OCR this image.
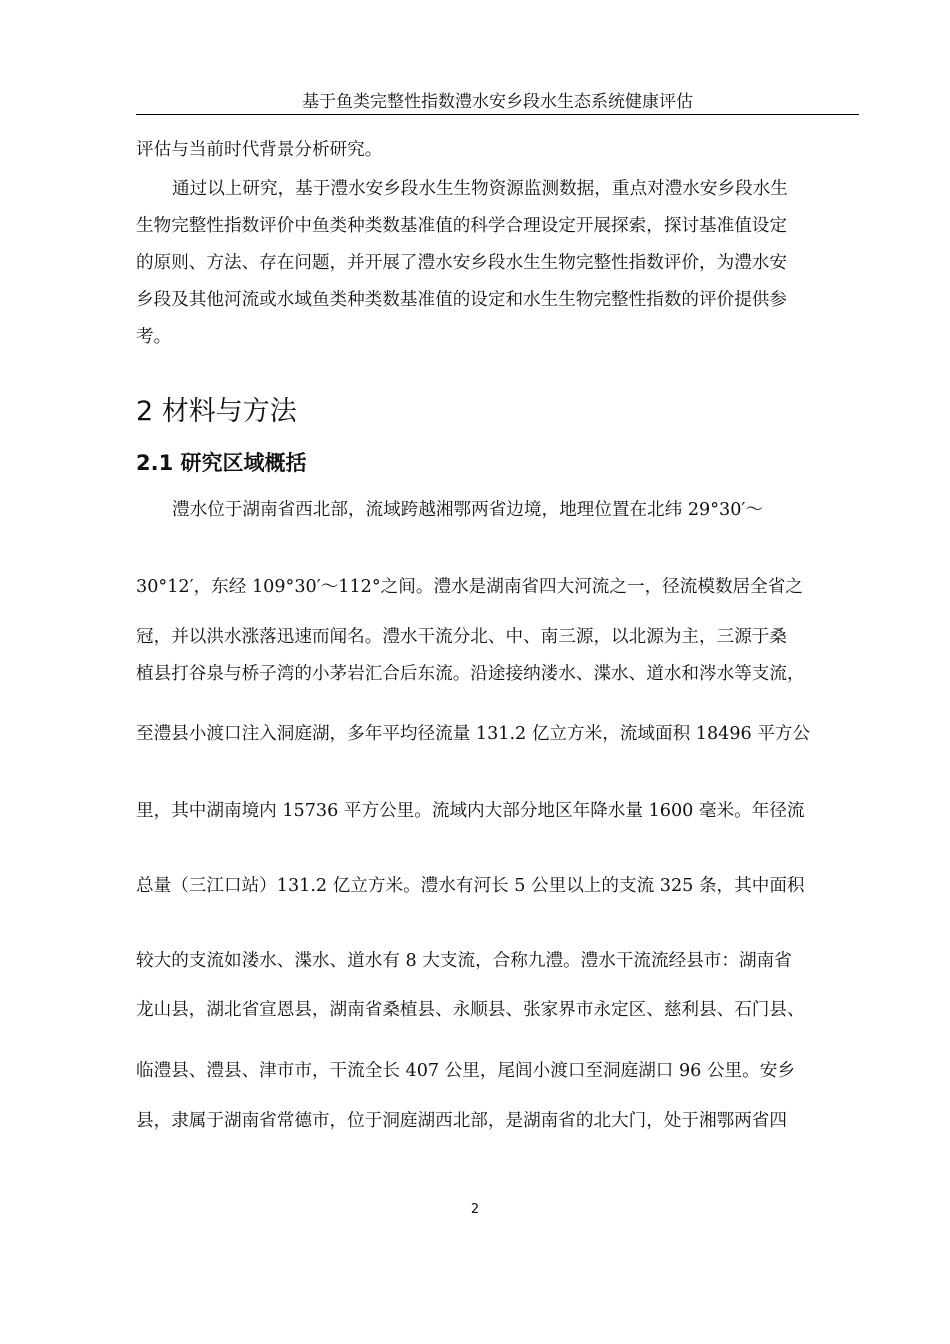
基于鱼类完整性指数澧水安乡段水生态系统健康评估
评估与当前时代背景分析研究。
通过以上研究，基于澧水安乡段水生生物资源监测数据，重点对澧水安乡段水生
生物完整性指数评价中鱼类种类数基准值的科学合理设定开展探索，探讨基准值设定
的原则、方法、存在问题，并开展了澧水安乡段水生生物完整性指数评价，为澧水安
乡段及其他河流或水域鱼类种类数基准值的设定和水生生物完整性指数的评价提供参
考。
2 材料与方法
2.1 研究区域概括
澧水位于湖南省西北部，流域跨越湘鄂两省边境，地理位置在北纬 29°30′～
30°12′，东经 109°30′～112°之间。澧水是湖南省四大河流之一，径流模数居全省之
冠，并以洪水涨落迅速而闻名。澧水干流分北、中、南三源，以北源为主，三源于桑
植县打谷泉与桥子湾的小茅岩汇合后东流。沿途接纳溇水、渫水、道水和涔水等支流，
至澧县小渡口注入洞庭湖，多年平均径流量 131.2 亿立方米，流域面积 18496 平方公
里，其中湖南境内 15736 平方公里。流域内大部分地区年降水量 1600 毫米。年径流
总量（三江口站）131.2 亿立方米。澧水有河长 5 公里以上的支流 325 条，其中面积
较大的支流如溇水、渫水、道水有 8 大支流，合称九澧。澧水干流流经县市：湖南省
龙山县，湖北省宣恩县，湖南省桑植县、永顺县、张家界市永定区、慈利县、石门县、
临澧县、澧县、津市市，干流全长 407 公里，尾闾小渡口至洞庭湖口 96 公里。安乡
县，隶属于湖南省常德市，位于洞庭湖西北部，是湖南省的北大门，处于湘鄂两省四
2
